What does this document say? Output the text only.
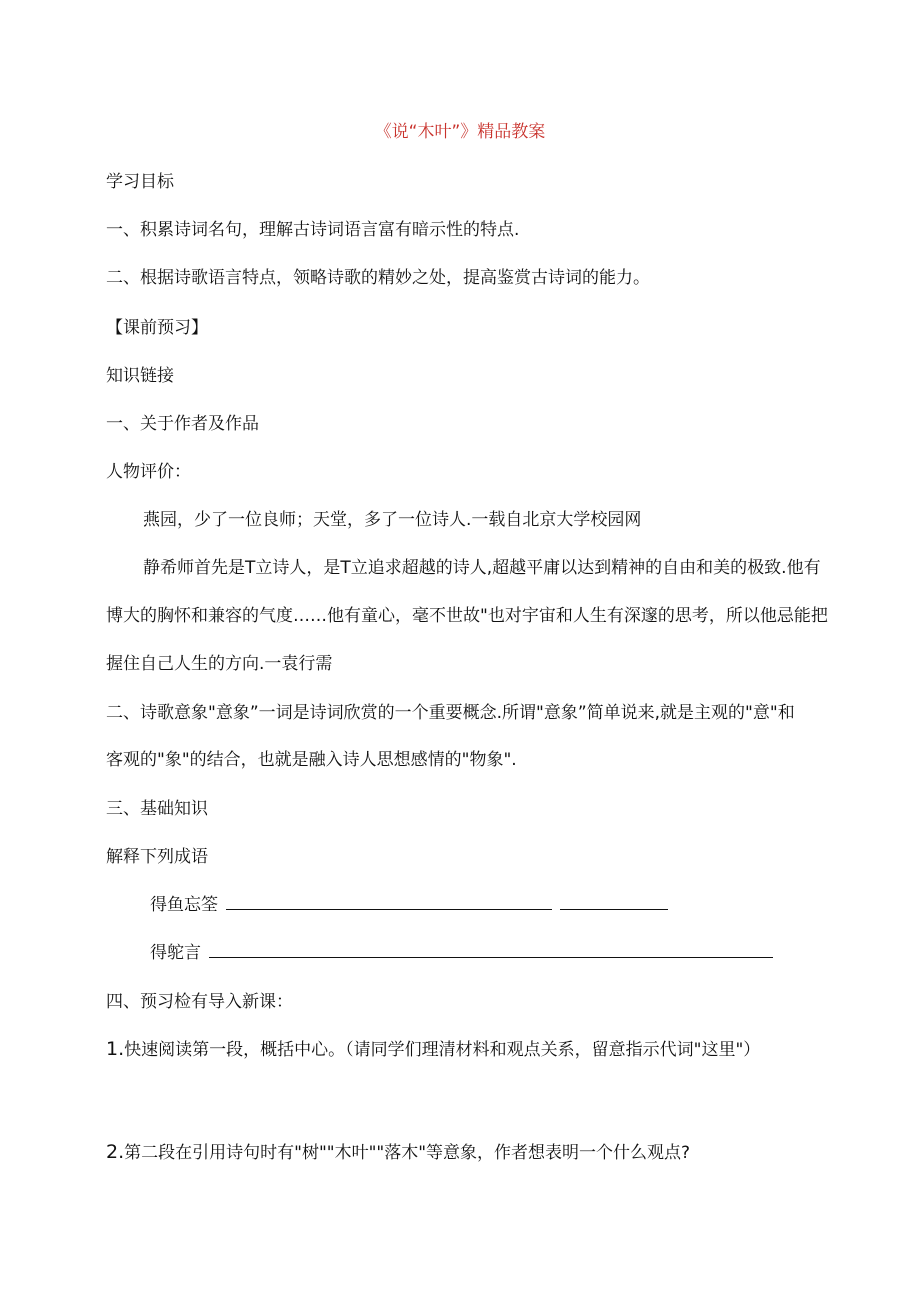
《说“木叶”》精品教案
学习目标
一、积累诗词名句，理解古诗词语言富有暗示性的特点.
二、根据诗歌语言特点，领略诗歌的精妙之处，提高鉴赏古诗词的能力。
【课前预习】
知识链接
一、关于作者及作品
人物评价：
燕园，少了一位良师；天堂，多了一位诗人.一载自北京大学校园网
静希师首先是T立诗人，是T立追求超越的诗人,超越平庸以达到精神的自由和美的极致.他有
博大的胸怀和兼容的气度……他有童心，毫不世故"也对宇宙和人生有深邃的思考，所以他忌能把
握住自己人生的方向.一袁行需
二、诗歌意象"意象”一词是诗词欣赏的一个重要概念.所谓"意象”简单说来,就是主观的"意"和
客观的"象"的结合，也就是融入诗人思想感情的"物象".
三、基础知识
解释下列成语
得鱼忘筌
得鸵言
四、预习检有导入新课：
1.快速阅读第一段，概括中心。（请同学们理清材料和观点关系，留意指示代词"这里"）
2.第二段在引用诗句时有"树""木叶""落木"等意象，作者想表明一个什么观点?
